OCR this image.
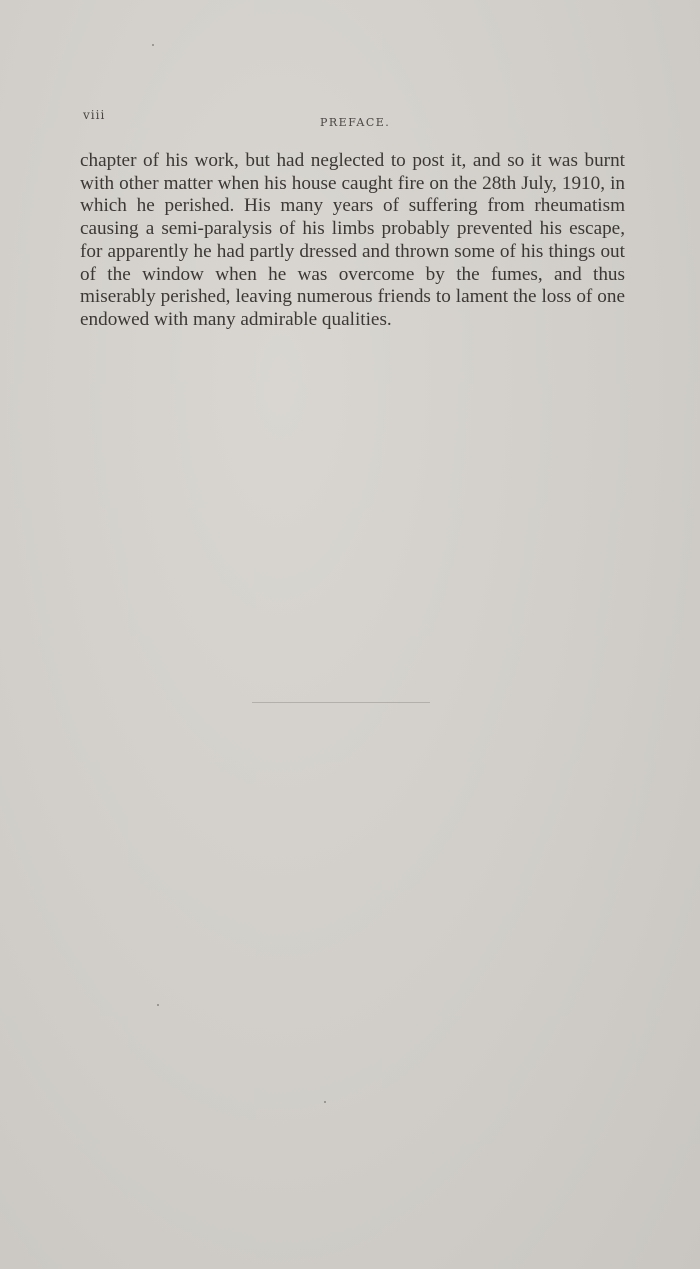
viii
PREFACE.

chapter of his work, but had neglected to post it, and so it was burnt with other matter when his house caught fire on the 28th July, 1910, in which he perished. His many years of suffering from rheumatism causing a semi-paralysis of his limbs probably prevented his escape, for apparently he had partly dressed and thrown some of his things out of the window when he was overcome by the fumes, and thus miserably perished, leaving numerous friends to lament the loss of one endowed with many admirable qualities.
